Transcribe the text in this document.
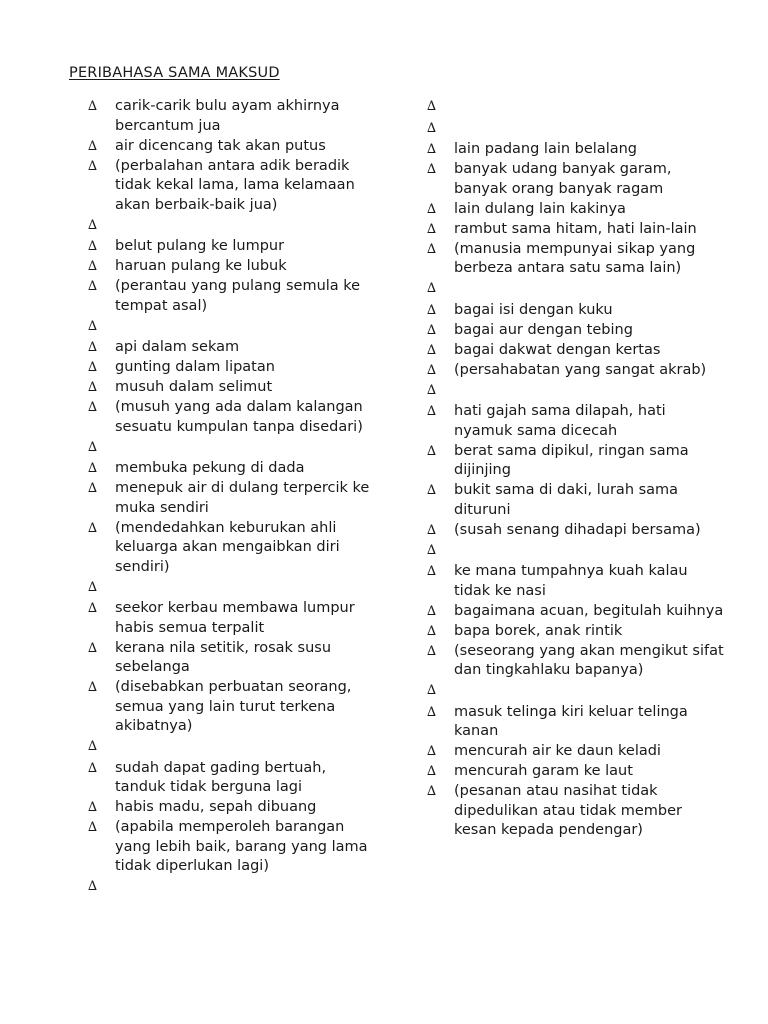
PERIBAHASA SAMA MAKSUD
∆	carik-carik bulu ayam akhirnya bercantum jua
∆	air dicencang tak akan putus
∆	(perbalahan antara adik beradik tidak kekal lama, lama kelamaan akan berbaik-baik jua)
∆
∆	belut pulang ke lumpur
∆	haruan pulang ke lubuk
∆	(perantau yang pulang semula ke tempat asal)
∆
∆	api dalam sekam
∆	gunting dalam lipatan
∆	musuh dalam selimut
∆	(musuh yang ada dalam kalangan sesuatu kumpulan tanpa disedari)
∆
∆	membuka pekung di dada
∆	menepuk air di dulang terpercik ke muka sendiri
∆	(mendedahkan keburukan ahli keluarga akan mengaibkan diri sendiri)
∆
∆	seekor kerbau membawa lumpur habis semua terpalit
∆	kerana nila setitik, rosak susu sebelanga
∆	(disebabkan perbuatan seorang, semua yang lain turut terkena akibatnya)
∆
∆	sudah dapat gading bertuah, tanduk tidak berguna lagi
∆	habis madu, sepah dibuang
∆	(apabila memperoleh barangan yang lebih baik, barang yang lama tidak diperlukan lagi)
∆
∆
∆
∆	lain padang lain belalang
∆	banyak udang banyak garam, banyak orang banyak ragam
∆	lain dulang lain kakinya
∆	rambut sama hitam, hati lain-lain
∆	(manusia mempunyai sikap yang berbeza antara satu sama lain)
∆
∆	bagai isi dengan kuku
∆	bagai aur dengan tebing
∆	bagai dakwat dengan kertas
∆	(persahabatan yang sangat akrab)
∆
∆	hati gajah sama dilapah, hati nyamuk sama dicecah
∆	berat sama dipikul, ringan sama dijinjing
∆	bukit sama di daki, lurah sama dituruni
∆	(susah senang dihadapi bersama)
∆
∆	ke mana tumpahnya kuah kalau tidak ke nasi
∆	bagaimana acuan, begitulah kuihnya
∆	bapa borek, anak rintik
∆	(seseorang yang akan mengikut sifat dan tingkahlaku bapanya)
∆
∆	masuk telinga kiri keluar telinga kanan
∆	mencurah air ke daun keladi
∆	mencurah garam ke laut
∆	(pesanan atau nasihat tidak dipedulikan atau tidak member kesan kepada pendengar)
